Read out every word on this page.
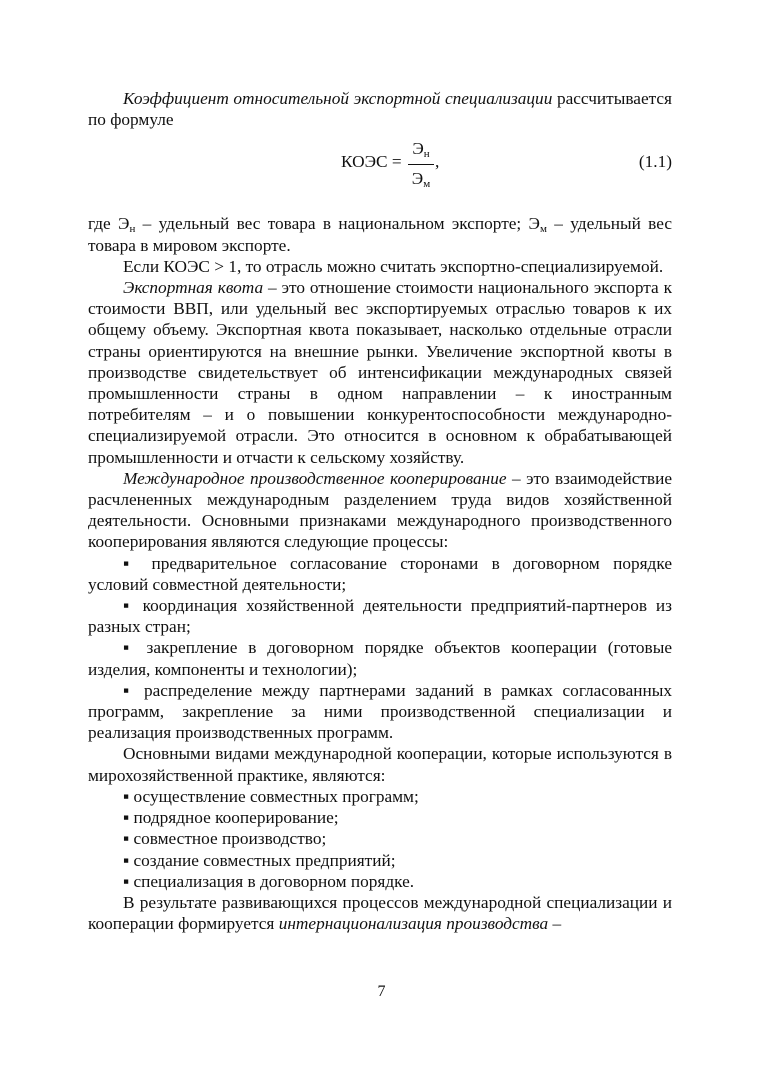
Коэффициент относительной экспортной специализации рассчитывается по формуле

КОЭС =
$Э_н$
$Э_м$
,	(1.1)

где $Э_н$ – удельный вес товара в национальном экспорте; $Э_м$ – удельный вес товара в мировом экспорте.

Если КОЭС > 1, то отрасль можно считать экспортно-специализируемой.

Экспортная квота – это отношение стоимости национального экспорта к стоимости ВВП, или удельный вес экспортируемых отраслью товаров к их общему объему. Экспортная квота показывает, насколько отдельные отрасли страны ориентируются на внешние рынки. Увеличение экспортной квоты в производстве свидетельствует об интенсификации международных связей промышленности страны в одном направлении – к иностранным потребителям – и о повышении конкурентоспособности международно-специализируемой отрасли. Это относится в основном к обрабатывающей промышленности и отчасти к сельскому хозяйству.

Международное производственное кооперирование – это взаимодействие расчлененных международным разделением труда видов хозяйственной деятельности. Основными признаками международного производственного кооперирования являются следующие процессы:

▪ предварительное согласование сторонами в договорном порядке условий совместной деятельности;

▪ координация хозяйственной деятельности предприятий-партнеров из разных стран;

▪ закрепление в договорном порядке объектов кооперации (готовые изделия, компоненты и технологии);

▪ распределение между партнерами заданий в рамках согласованных программ, закрепление за ними производственной специализации и реализация производственных программ.

Основными видами международной кооперации, которые используются в мирохозяйственной практике, являются:

▪ осуществление совместных программ;

▪ подрядное кооперирование;

▪ совместное производство;

▪ создание совместных предприятий;

▪ специализация в договорном порядке.

В результате развивающихся процессов международной специализации и кооперации формируется интернационализация производства –

7
